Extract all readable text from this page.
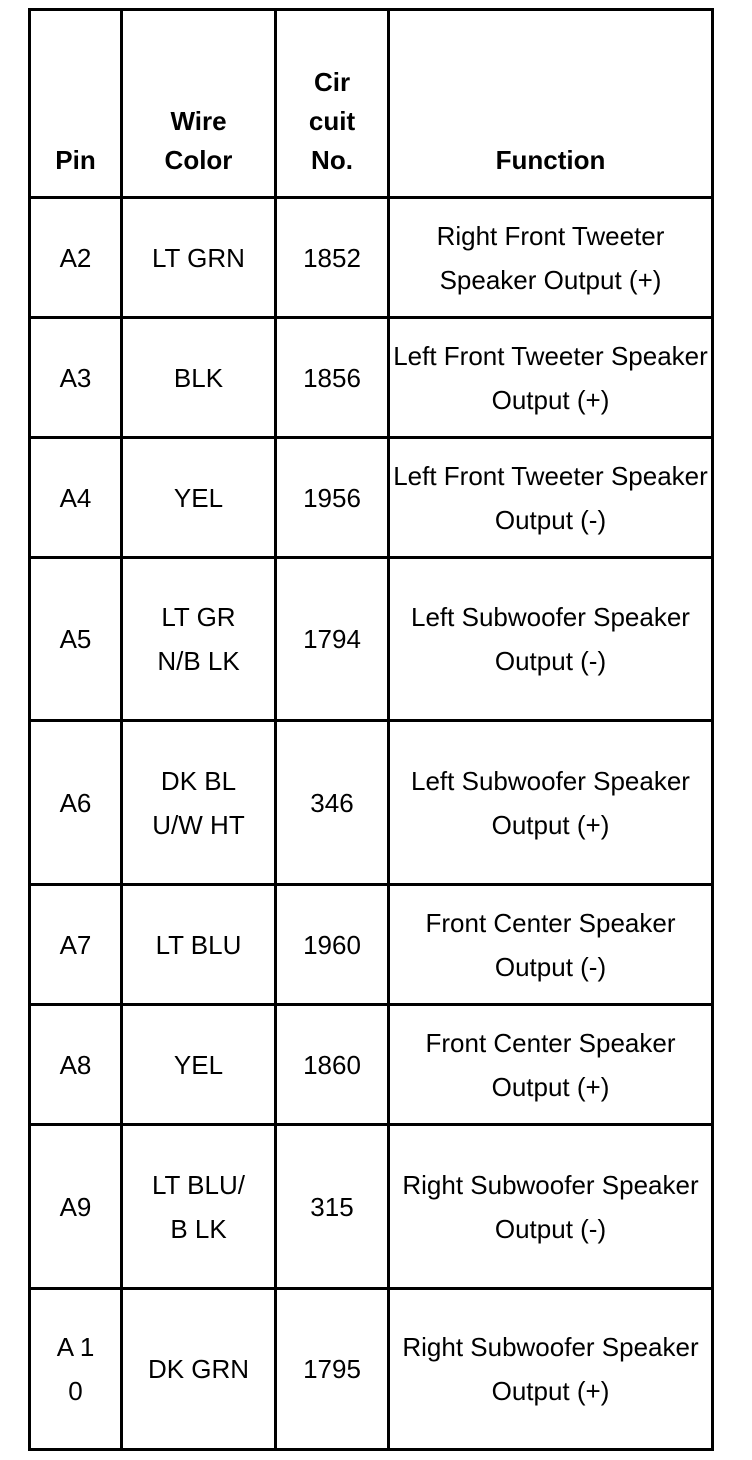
Pin	Wire Color	Cir cuit No.	Function
A2	LT GRN	1852	Right Front Tweeter Speaker Output (+)
A3	BLK	1856	Left Front Tweeter Speaker Output (+)
A4	YEL	1956	Left Front Tweeter Speaker Output (-)
A5	LT GRN/B LK	1794	Left Subwoofer Speaker Output (-)
A6	DK BLU/W HT	346	Left Subwoofer Speaker Output (+)
A7	LT BLU	1960	Front Center Speaker Output (-)
A8	YEL	1860	Front Center Speaker Output (+)
A9	LT BLU/B LK	315	Right Subwoofer Speaker Output (-)
A 10	DK GRN	1795	Right Subwoofer Speaker Output (+)
